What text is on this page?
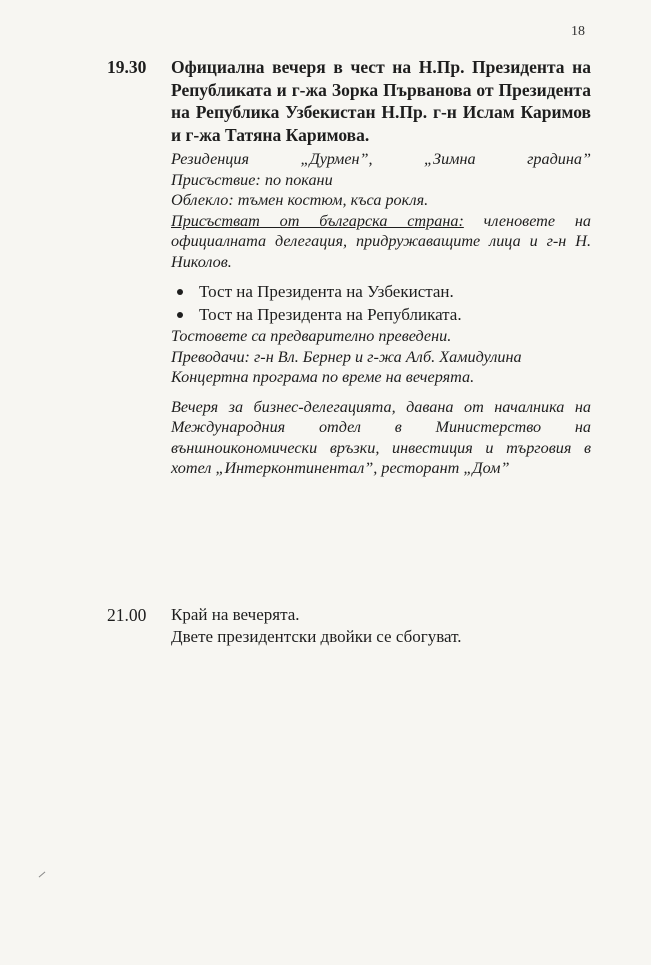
18
19.30 Официална вечеря в чест на Н.Пр. Президента на Републиката и г-жа Зорка Първанова от Президента на Република Узбекистан Н.Пр. г-н Ислам Каримов и г-жа Татяна Каримова.

Резиденция „Дурмен”, „Зимна градина”

Присъствие: по покани

Облекло: тъмен костюм, къса рокля.

Присъстват от българска страна: членовете на официалната делегация, придружаващите лица и г-н Н. Николов.

Тост на Президента на Узбекистан.
Тост на Президента на Републиката.

Тостовете са предварително преведени.

Преводачи: г-н Вл. Бернер и г-жа Алб. Хамидулина

Концертна програма по време на вечерята.

Вечеря за бизнес-делегацията, давана от началника на Международния отдел в Министерство на външноикономически връзки, инвестиция и търговия в хотел „Интерконтинентал”, ресторант „Дом”

21.00 Край на вечерята.

Двете президентски двойки се сбогуват.
